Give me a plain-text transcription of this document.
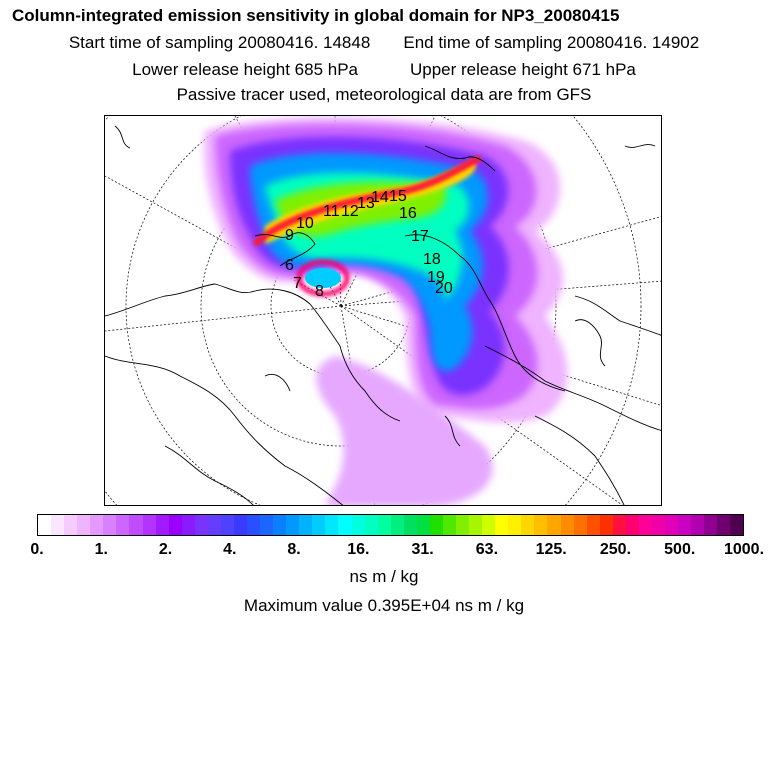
Column-integrated emission sensitivity in global domain for NP3_20080415
Start time of sampling 20080416. 14848 End time of sampling 20080416. 14902
Lower release height 685 hPa	Upper release height 671 hPa
Passive tracer used, meteorological data are from GFS
9
10
11 12
13
14 15
16
17
18
19
20
6
7 8
0.	1.	2.	4.	8.	16.	31.	63. 125. 250. 500. 1000.
ns m / kg
Maximum value 0.395E+04 ns m / kg
